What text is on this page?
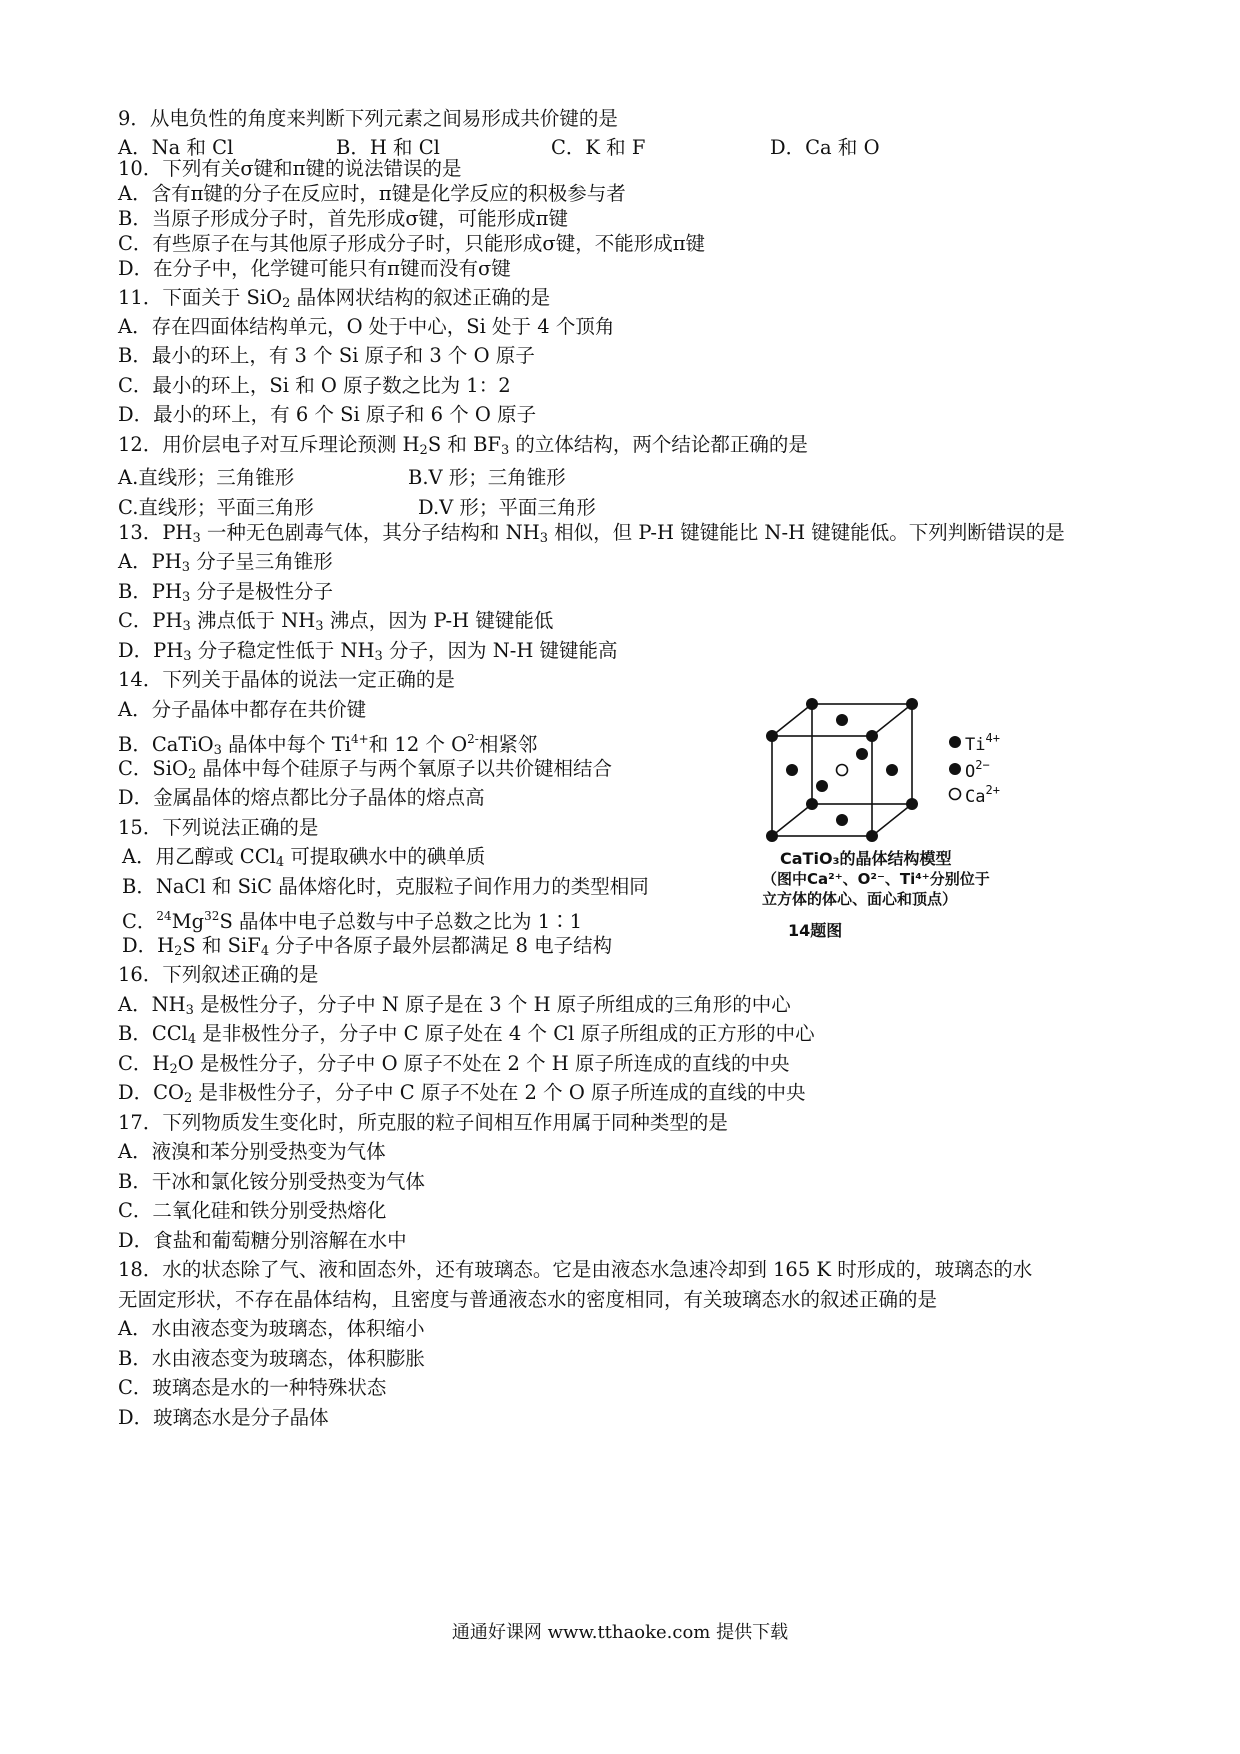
9．从电负性的角度来判断下列元素之间易形成共价键的是
A．Na 和 Cl	B．H 和 Cl	C．K 和 F	D．Ca 和 O
10．下列有关σ键和π键的说法错误的是
A．含有π键的分子在反应时，π键是化学反应的积极参与者
B．当原子形成分子时，首先形成σ键，可能形成π键
C．有些原子在与其他原子形成分子时，只能形成σ键，不能形成π键
D．在分子中，化学键可能只有π键而没有σ键
11．下面关于 SiO$_2$ 晶体网状结构的叙述正确的是
A．存在四面体结构单元，O 处于中心，Si 处于 4 个顶角
B．最小的环上，有 3 个 Si 原子和 3 个 O 原子
C．最小的环上，Si 和 O 原子数之比为 1：2
D．最小的环上，有 6 个 Si 原子和 6 个 O 原子
12．用价层电子对互斥理论预测 $H_2S$ 和 $BF_3$ 的立体结构，两个结论都正确的是
A.直线形；三角锥形	B.V 形；三角锥形
C.直线形；平面三角形	D.V 形；平面三角形
13．$PH_3$ 一种无色剧毒气体，其分子结构和 $NH_3$ 相似，但 P-H 键键能比 N-H 键键能低。下列判断错误的是
A．$PH_3$ 分子呈三角锥形
B．$PH_3$ 分子是极性分子
C．$PH_3$ 沸点低于 $NH_3$ 沸点，因为 P-H 键键能低
D．$PH_3$ 分子稳定性低于 $NH_3$ 分子，因为 N-H 键键能高
14．下列关于晶体的说法一定正确的是
A．分子晶体中都存在共价键
B．CaTiO$_3$ 晶体中每个 $Ti^{4+}$和 12 个 $O^{2-}$相紧邻
C．SiO$_2$ 晶体中每个硅原子与两个氧原子以共价键相结合
D．金属晶体的熔点都比分子晶体的熔点高
$Ti^{4+}$
$O^{2-}$
$Ca^{2+}$
CaTiO₃的晶体结构模型
（图中Ca²⁺、O²⁻、Ti⁴⁺分别位于
立方体的体心、面心和顶点）
14题图
15．下列说法正确的是
A．用乙醇或 CCl$_4$ 可提取碘水中的碘单质
B．NaCl 和 SiC 晶体熔化时，克服粒子间作用力的类型相同
C．$^{24}$Mg$^{32}$S 晶体中电子总数与中子总数之比为 1∶1
D．$H_2S$ 和 SiF$_4$ 分子中各原子最外层都满足 8 电子结构
16．下列叙述正确的是
A．$NH_3$ 是极性分子，分子中 N 原子是在 3 个 H 原子所组成的三角形的中心
B．CCl$_4$ 是非极性分子，分子中 C 原子处在 4 个 Cl 原子所组成的正方形的中心
C．$H_2O$ 是极性分子，分子中 O 原子不处在 2 个 H 原子所连成的直线的中央
D．$CO_2$ 是非极性分子，分子中 C 原子不处在 2 个 O 原子所连成的直线的中央
17．下列物质发生变化时，所克服的粒子间相互作用属于同种类型的是
A．液溴和苯分别受热变为气体
B．干冰和氯化铵分别受热变为气体
C．二氧化硅和铁分别受热熔化
D．食盐和葡萄糖分别溶解在水中
18．水的状态除了气、液和固态外，还有玻璃态。它是由液态水急速冷却到 165 K 时形成的，玻璃态的水
无固定形状，不存在晶体结构，且密度与普通液态水的密度相同，有关玻璃态水的叙述正确的是
A．水由液态变为玻璃态，体积缩小
B．水由液态变为玻璃态，体积膨胀
C．玻璃态是水的一种特殊状态
D．玻璃态水是分子晶体
通通好课网 www.tthaoke.com 提供下载
